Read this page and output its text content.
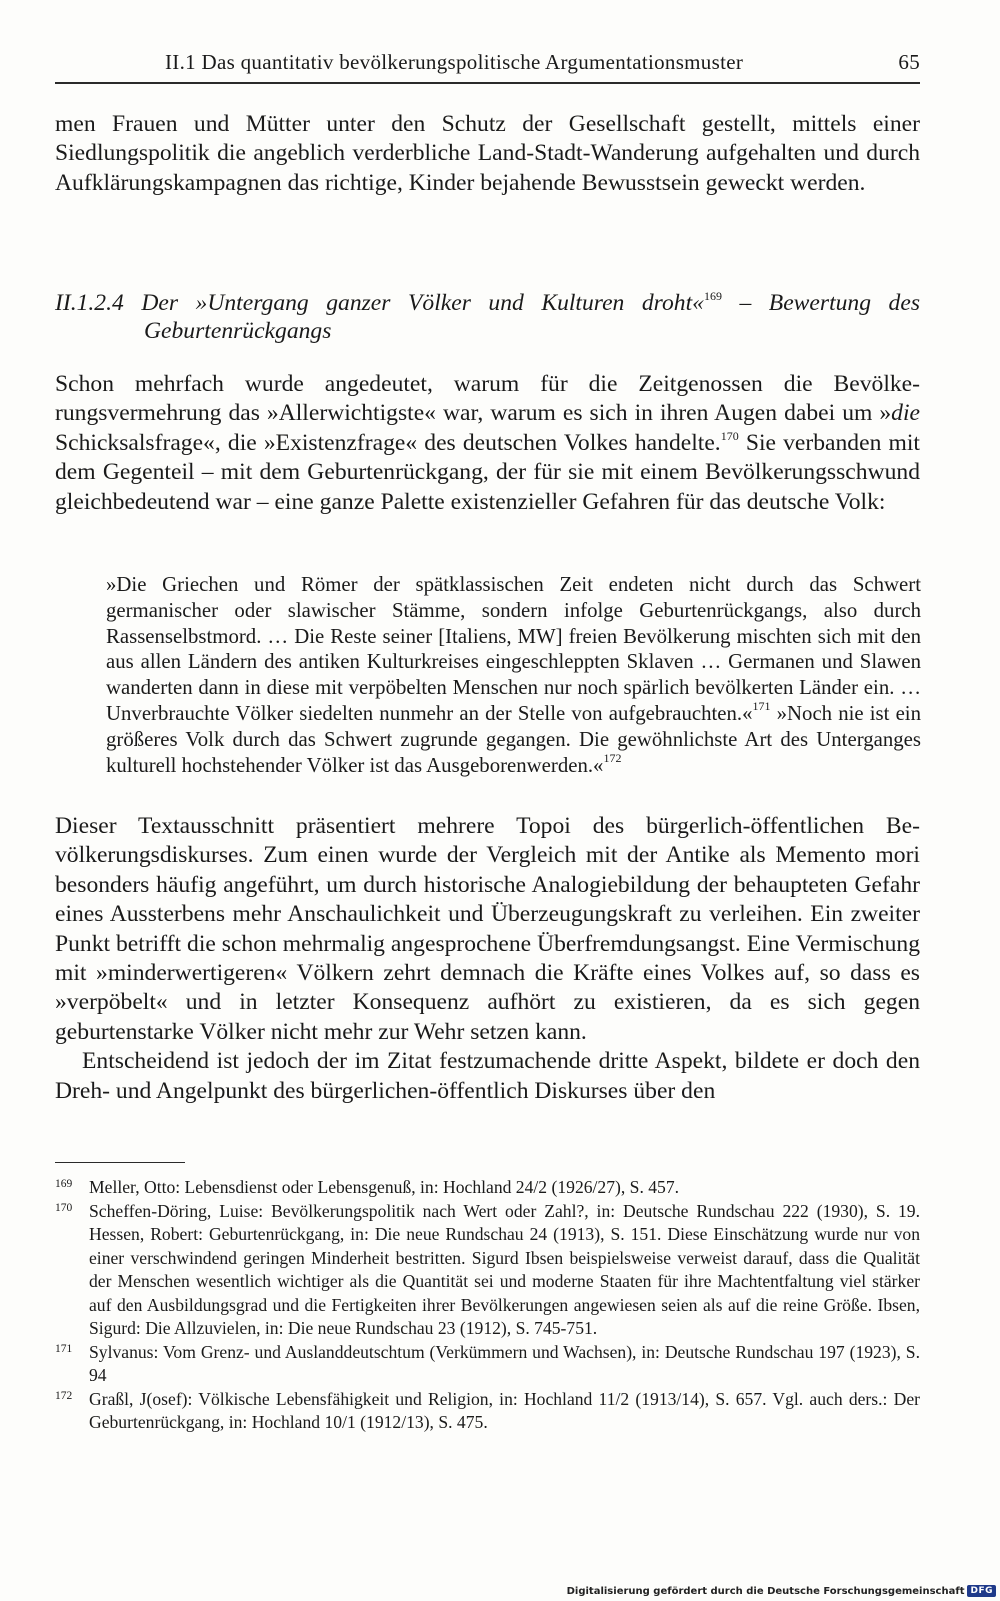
II.1 Das quantitativ bevölkerungspolitische Argumentationsmuster	65

men Frauen und Mütter unter den Schutz der Gesellschaft gestellt, mittels einer Siedlungspolitik die angeblich verderbliche Land-Stadt-Wanderung aufgehalten und durch Aufklärungskampagnen das richtige, Kinder bejahende Bewusstsein geweckt werden.

II.1.2.4 Der »Untergang ganzer Völker und Kulturen droht«$^{169}$ – Bewertung des
Geburtenrückgangs

Schon mehrfach wurde angedeutet, warum für die Zeitgenossen die Bevölkerungsvermehrung das »Allerwichtigste« war, warum es sich in ihren Augen dabei um »die Schicksalsfrage«, die »Existenzfrage« des deutschen Volkes handelte.$^{170}$ Sie verbanden mit dem Gegenteil – mit dem Geburtenrückgang, der für sie mit einem Bevölkerungsschwund gleichbedeutend war – eine ganze Palette existenzieller Gefahren für das deutsche Volk:

»Die Griechen und Römer der spätklassischen Zeit endeten nicht durch das Schwert germanischer oder slawischer Stämme, sondern infolge Geburtenrückgangs, also durch Rassenselbstmord. … Die Reste seiner [Italiens, MW] freien Bevölkerung mischten sich mit den aus allen Ländern des antiken Kulturkreises eingeschleppten Sklaven … Germanen und Slawen wanderten dann in diese mit verpöbelten Menschen nur noch spärlich bevölkerten Länder ein. … Unverbrauchte Völker siedelten nunmehr an der Stelle von aufgebrauchten.«$^{171}$ »Noch nie ist ein größeres Volk durch das Schwert zugrunde gegangen. Die gewöhnlichste Art des Unterganges kulturell hochstehender Völker ist das Ausgeborenwerden.«$^{172}$

Dieser Textausschnitt präsentiert mehrere Topoi des bürgerlich-öffentlichen Bevölkerungsdiskurses. Zum einen wurde der Vergleich mit der Antike als Memento mori besonders häufig angeführt, um durch historische Analogiebildung der behaupteten Gefahr eines Aussterbens mehr Anschaulichkeit und Überzeugungskraft zu verleihen. Ein zweiter Punkt betrifft die schon mehrmalig angesprochene Überfremdungsangst. Eine Vermischung mit »minderwertigeren« Völkern zehrt demnach die Kräfte eines Volkes auf, so dass es »verpöbelt« und in letzter Konsequenz aufhört zu existieren, da es sich gegen geburtenstarke Völker nicht mehr zur Wehr setzen kann.

Entscheidend ist jedoch der im Zitat festzumachende dritte Aspekt, bildete er doch den Dreh- und Angelpunkt des bürgerlichen-öffentlich Diskurses über den

169 Meller, Otto: Lebensdienst oder Lebensgenuß, in: Hochland 24/2 (1926/27), S. 457.
170 Scheffen-Döring, Luise: Bevölkerungspolitik nach Wert oder Zahl?, in: Deutsche Rundschau 222 (1930), S. 19. Hessen, Robert: Geburtenrückgang, in: Die neue Rundschau 24 (1913), S. 151. Diese Einschätzung wurde nur von einer verschwindend geringen Minderheit bestritten. Sigurd Ibsen beispielsweise verweist darauf, dass die Qualität der Menschen wesentlich wichtiger als die Quantität sei und moderne Staaten für ihre Machtentfaltung viel stärker auf den Ausbildungsgrad und die Fertigkeiten ihrer Bevölkerungen angewiesen seien als auf die reine Größe. Ibsen, Sigurd: Die Allzuvielen, in: Die neue Rundschau 23 (1912), S. 745-751.
171 Sylvanus: Vom Grenz- und Auslanddeutschtum (Verkümmern und Wachsen), in: Deutsche Rundschau 197 (1923), S. 94
172 Graßl, J(osef): Völkische Lebensfähigkeit und Religion, in: Hochland 11/2 (1913/14), S. 657. Vgl. auch ders.: Der Geburtenrückgang, in: Hochland 10/1 (1912/13), S. 475.
Digitalisierung gefördert durch die Deutsche Forschungsgemeinschaft DFG
